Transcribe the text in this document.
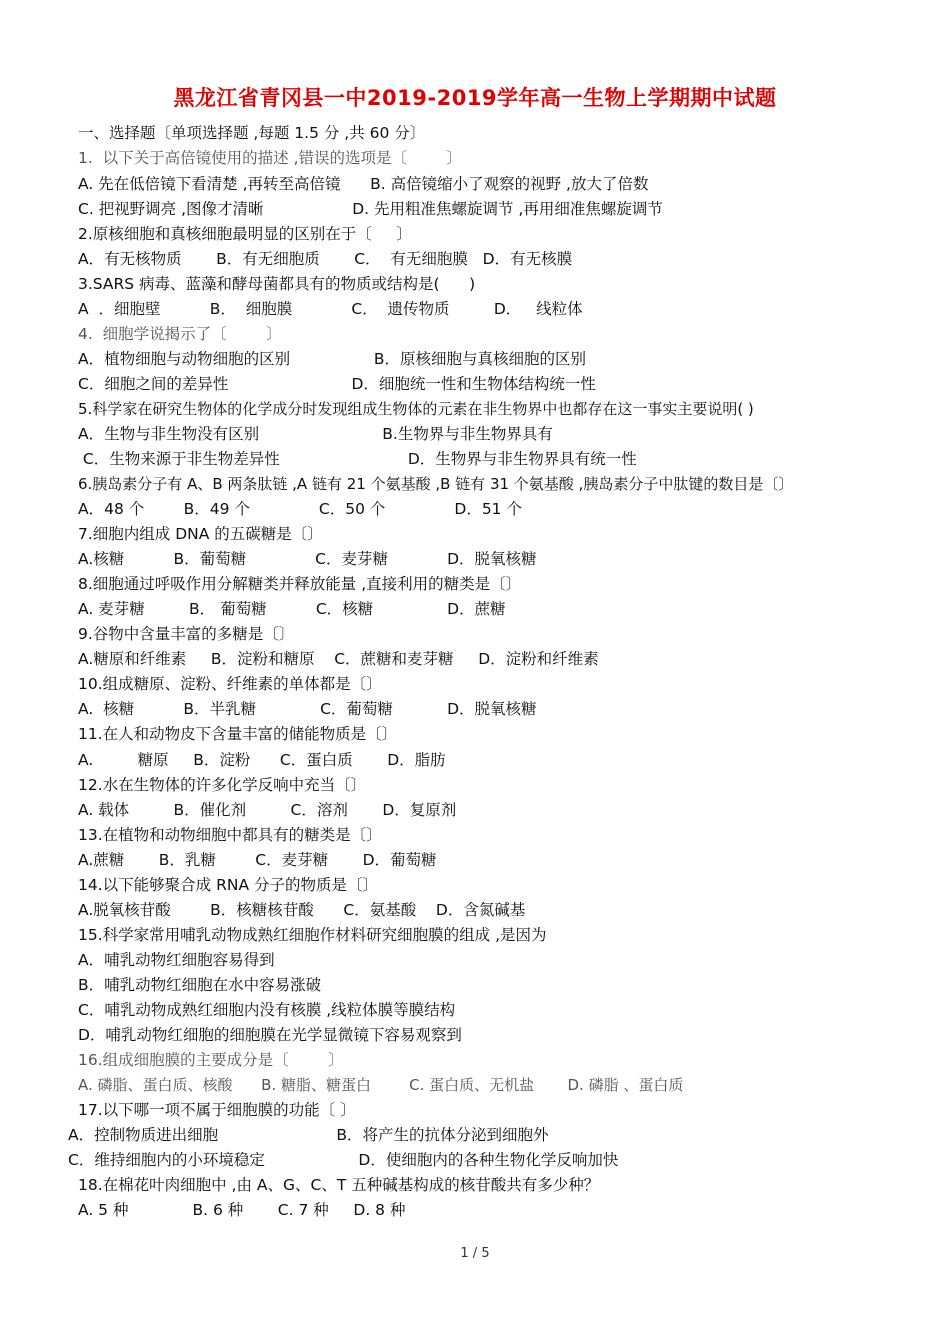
黑龙江省青冈县一中2019-2019学年高一生物上学期期中试题
一、选择题〔单项选择题 ,每题 1.5 分 ,共 60 分〕
1.  以下关于高倍镜使用的描述 ,错误的选项是〔        〕
A. 先在低倍镜下看清楚 ,再转至高倍镜      B. 高倍镜缩小了观察的视野 ,放大了倍数
C. 把视野调亮 ,图像才清晰                  D. 先用粗准焦螺旋调节 ,再用细准焦螺旋调节
2.原核细胞和真核细胞最明显的区别在于〔     〕
A．有无核物质       B．有无细胞质       C．  有无细胞膜   D．有无核膜
3.SARS 病毒、蓝藻和酵母菌都具有的物质或结构是(      )
A  ．细胞壁          B．  细胞膜            C．  遗传物质         D．   线粒体
4.  细胞学说揭示了〔        〕
A．植物细胞与动物细胞的区别                 B．原核细胞与真核细胞的区别
C．细胞之间的差异性                         D．细胞统一性和生物体结构统一性
5.科学家在研究生物体的化学成分时发现组成生物体的元素在非生物界中也都存在这一事实主要说明( )
A．生物与非生物没有区别                         B.生物界与非生物界具有
C．生物来源于非生物差异性                          D．生物界与非生物界具有统一性
6.胰岛素分子有 A、B 两条肽链 ,A 链有 21 个氨基酸 ,B 链有 31 个氨基酸 ,胰岛素分子中肽键的数目是〔〕
A．48 个        B．49 个              C．50 个              D．51 个
7.细胞内组成 DNA 的五碳糖是〔〕
A.核糖          B．葡萄糖              C．麦芽糖            D．脱氧核糖
8.细胞通过呼吸作用分解糖类并释放能量 ,直接利用的糖类是〔〕
A. 麦芽糖         B． 葡萄糖          C．核糖               D．蔗糖
9.谷物中含量丰富的多糖是〔〕
A.糖原和纤维素     B．淀粉和糖原    C．蔗糖和麦芽糖     D．淀粉和纤维素
10.组成糖原、淀粉、纤维素的单体都是〔〕
A.  核糖          B．半乳糖             C．葡萄糖           D．脱氧核糖
11.在人和动物皮下含量丰富的储能物质是〔〕
A.         糖原     B．淀粉      C．蛋白质       D．脂肪
12.水在生物体的许多化学反响中充当〔〕
A. 载体         B．催化剂         C．溶剂       D．复原剂
13.在植物和动物细胞中都具有的糖类是〔〕
A.蔗糖       B．乳糖        C．麦芽糖       D．葡萄糖
14.以下能够聚合成 RNA 分子的物质是〔〕
A.脱氧核苷酸        B．核糖核苷酸      C．氨基酸    D．含氮碱基
15.科学家常用哺乳动物成熟红细胞作材料研究细胞膜的组成 ,是因为
A．哺乳动物红细胞容易得到
B．哺乳动物红细胞在水中容易涨破
C．哺乳动物成熟红细胞内没有核膜 ,线粒体膜等膜结构
D．哺乳动物红细胞的细胞膜在光学显微镜下容易观察到
16.组成细胞膜的主要成分是〔        〕
A. 磷脂、蛋白质、核酸      B. 糖脂、糖蛋白        C. 蛋白质、无机盐       D. 磷脂 、蛋白质
17.以下哪一项不属于细胞膜的功能〔 〕
A．控制物质进出细胞                        B．将产生的抗体分泌到细胞外
C．维持细胞内的小环境稳定                   D．使细胞内的各种生物化学反响加快
18.在棉花叶肉细胞中 ,由 A、G、C、T 五种碱基构成的核苷酸共有多少种？
A. 5 种             B. 6 种       C. 7 种     D. 8 种
1 / 5
